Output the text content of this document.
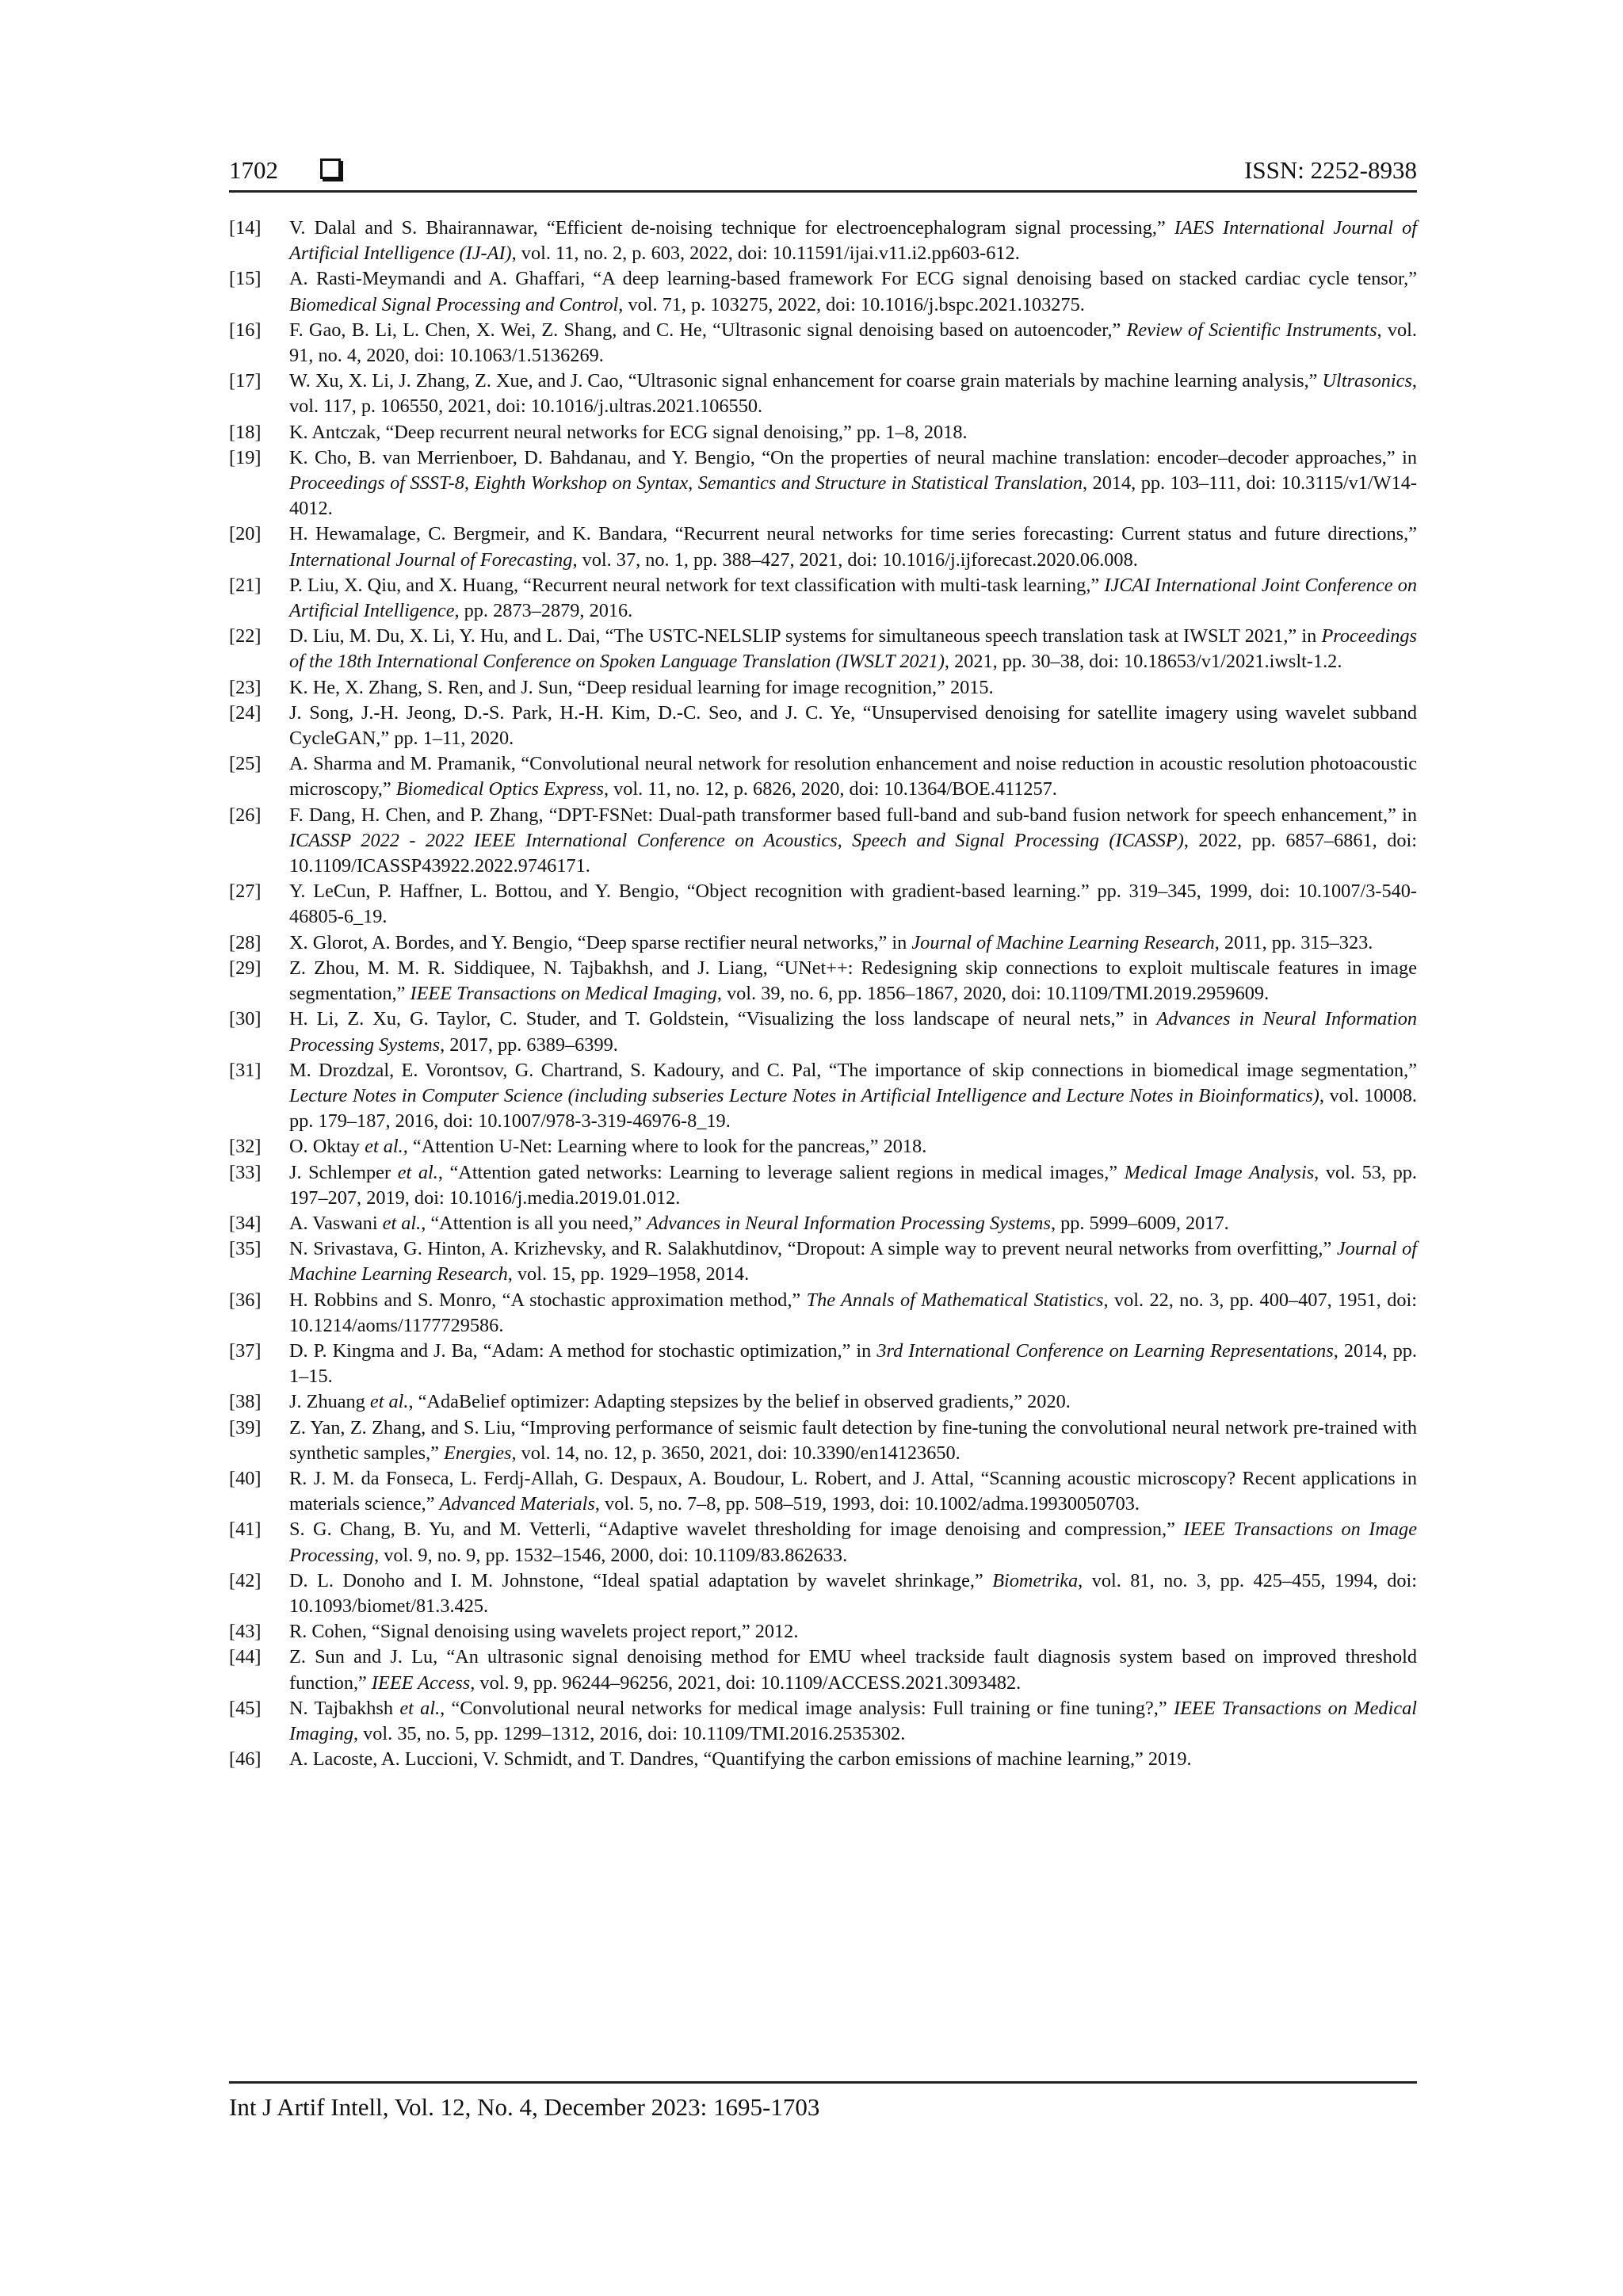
1702	ISSN: 2252-8938
[14] V. Dalal and S. Bhairannawar, “Efficient de-noising technique for electroencephalogram signal processing,” IAES International Journal of Artificial Intelligence (IJ-AI), vol. 11, no. 2, p. 603, 2022, doi: 10.11591/ijai.v11.i2.pp603-612.
[15] A. Rasti-Meymandi and A. Ghaffari, “A deep learning-based framework For ECG signal denoising based on stacked cardiac cycle tensor,” Biomedical Signal Processing and Control, vol. 71, p. 103275, 2022, doi: 10.1016/j.bspc.2021.103275.
[16] F. Gao, B. Li, L. Chen, X. Wei, Z. Shang, and C. He, “Ultrasonic signal denoising based on autoencoder,” Review of Scientific Instruments, vol. 91, no. 4, 2020, doi: 10.1063/1.5136269.
[17] W. Xu, X. Li, J. Zhang, Z. Xue, and J. Cao, “Ultrasonic signal enhancement for coarse grain materials by machine learning analysis,” Ultrasonics, vol. 117, p. 106550, 2021, doi: 10.1016/j.ultras.2021.106550.
[18] K. Antczak, “Deep recurrent neural networks for ECG signal denoising,” pp. 1–8, 2018.
[19] K. Cho, B. van Merrienboer, D. Bahdanau, and Y. Bengio, “On the properties of neural machine translation: encoder–decoder approaches,” in Proceedings of SSST-8, Eighth Workshop on Syntax, Semantics and Structure in Statistical Translation, 2014, pp. 103–111, doi: 10.3115/v1/W14-4012.
[20] H. Hewamalage, C. Bergmeir, and K. Bandara, “Recurrent neural networks for time series forecasting: Current status and future directions,” International Journal of Forecasting, vol. 37, no. 1, pp. 388–427, 2021, doi: 10.1016/j.ijforecast.2020.06.008.
[21] P. Liu, X. Qiu, and X. Huang, “Recurrent neural network for text classification with multi-task learning,” IJCAI International Joint Conference on Artificial Intelligence, pp. 2873–2879, 2016.
[22] D. Liu, M. Du, X. Li, Y. Hu, and L. Dai, “The USTC-NELSLIP systems for simultaneous speech translation task at IWSLT 2021,” in Proceedings of the 18th International Conference on Spoken Language Translation (IWSLT 2021), 2021, pp. 30–38, doi: 10.18653/v1/2021.iwslt-1.2.
[23] K. He, X. Zhang, S. Ren, and J. Sun, “Deep residual learning for image recognition,” 2015.
[24] J. Song, J.-H. Jeong, D.-S. Park, H.-H. Kim, D.-C. Seo, and J. C. Ye, “Unsupervised denoising for satellite imagery using wavelet subband CycleGAN,” pp. 1–11, 2020.
[25] A. Sharma and M. Pramanik, “Convolutional neural network for resolution enhancement and noise reduction in acoustic resolution photoacoustic microscopy,” Biomedical Optics Express, vol. 11, no. 12, p. 6826, 2020, doi: 10.1364/BOE.411257.
[26] F. Dang, H. Chen, and P. Zhang, “DPT-FSNet: Dual-path transformer based full-band and sub-band fusion network for speech enhancement,” in ICASSP 2022 - 2022 IEEE International Conference on Acoustics, Speech and Signal Processing (ICASSP), 2022, pp. 6857–6861, doi: 10.1109/ICASSP43922.2022.9746171.
[27] Y. LeCun, P. Haffner, L. Bottou, and Y. Bengio, “Object recognition with gradient-based learning.” pp. 319–345, 1999, doi: 10.1007/3-540-46805-6_19.
[28] X. Glorot, A. Bordes, and Y. Bengio, “Deep sparse rectifier neural networks,” in Journal of Machine Learning Research, 2011, pp. 315–323.
[29] Z. Zhou, M. M. R. Siddiquee, N. Tajbakhsh, and J. Liang, “UNet++: Redesigning skip connections to exploit multiscale features in image segmentation,” IEEE Transactions on Medical Imaging, vol. 39, no. 6, pp. 1856–1867, 2020, doi: 10.1109/TMI.2019.2959609.
[30] H. Li, Z. Xu, G. Taylor, C. Studer, and T. Goldstein, “Visualizing the loss landscape of neural nets,” in Advances in Neural Information Processing Systems, 2017, pp. 6389–6399.
[31] M. Drozdzal, E. Vorontsov, G. Chartrand, S. Kadoury, and C. Pal, “The importance of skip connections in biomedical image segmentation,” Lecture Notes in Computer Science (including subseries Lecture Notes in Artificial Intelligence and Lecture Notes in Bioinformatics), vol. 10008. pp. 179–187, 2016, doi: 10.1007/978-3-319-46976-8_19.
[32] O. Oktay et al., “Attention U-Net: Learning where to look for the pancreas,” 2018.
[33] J. Schlemper et al., “Attention gated networks: Learning to leverage salient regions in medical images,” Medical Image Analysis, vol. 53, pp. 197–207, 2019, doi: 10.1016/j.media.2019.01.012.
[34] A. Vaswani et al., “Attention is all you need,” Advances in Neural Information Processing Systems, pp. 5999–6009, 2017.
[35] N. Srivastava, G. Hinton, A. Krizhevsky, and R. Salakhutdinov, “Dropout: A simple way to prevent neural networks from overfitting,” Journal of Machine Learning Research, vol. 15, pp. 1929–1958, 2014.
[36] H. Robbins and S. Monro, “A stochastic approximation method,” The Annals of Mathematical Statistics, vol. 22, no. 3, pp. 400–407, 1951, doi: 10.1214/aoms/1177729586.
[37] D. P. Kingma and J. Ba, “Adam: A method for stochastic optimization,” in 3rd International Conference on Learning Representations, 2014, pp. 1–15.
[38] J. Zhuang et al., “AdaBelief optimizer: Adapting stepsizes by the belief in observed gradients,” 2020.
[39] Z. Yan, Z. Zhang, and S. Liu, “Improving performance of seismic fault detection by fine-tuning the convolutional neural network pre-trained with synthetic samples,” Energies, vol. 14, no. 12, p. 3650, 2021, doi: 10.3390/en14123650.
[40] R. J. M. da Fonseca, L. Ferdj-Allah, G. Despaux, A. Boudour, L. Robert, and J. Attal, “Scanning acoustic microscopy? Recent applications in materials science,” Advanced Materials, vol. 5, no. 7–8, pp. 508–519, 1993, doi: 10.1002/adma.19930050703.
[41] S. G. Chang, B. Yu, and M. Vetterli, “Adaptive wavelet thresholding for image denoising and compression,” IEEE Transactions on Image Processing, vol. 9, no. 9, pp. 1532–1546, 2000, doi: 10.1109/83.862633.
[42] D. L. Donoho and I. M. Johnstone, “Ideal spatial adaptation by wavelet shrinkage,” Biometrika, vol. 81, no. 3, pp. 425–455, 1994, doi: 10.1093/biomet/81.3.425.
[43] R. Cohen, “Signal denoising using wavelets project report,” 2012.
[44] Z. Sun and J. Lu, “An ultrasonic signal denoising method for EMU wheel trackside fault diagnosis system based on improved threshold function,” IEEE Access, vol. 9, pp. 96244–96256, 2021, doi: 10.1109/ACCESS.2021.3093482.
[45] N. Tajbakhsh et al., “Convolutional neural networks for medical image analysis: Full training or fine tuning?,” IEEE Transactions on Medical Imaging, vol. 35, no. 5, pp. 1299–1312, 2016, doi: 10.1109/TMI.2016.2535302.
[46] A. Lacoste, A. Luccioni, V. Schmidt, and T. Dandres, “Quantifying the carbon emissions of machine learning,” 2019.
Int J Artif Intell, Vol. 12, No. 4, December 2023: 1695-1703
